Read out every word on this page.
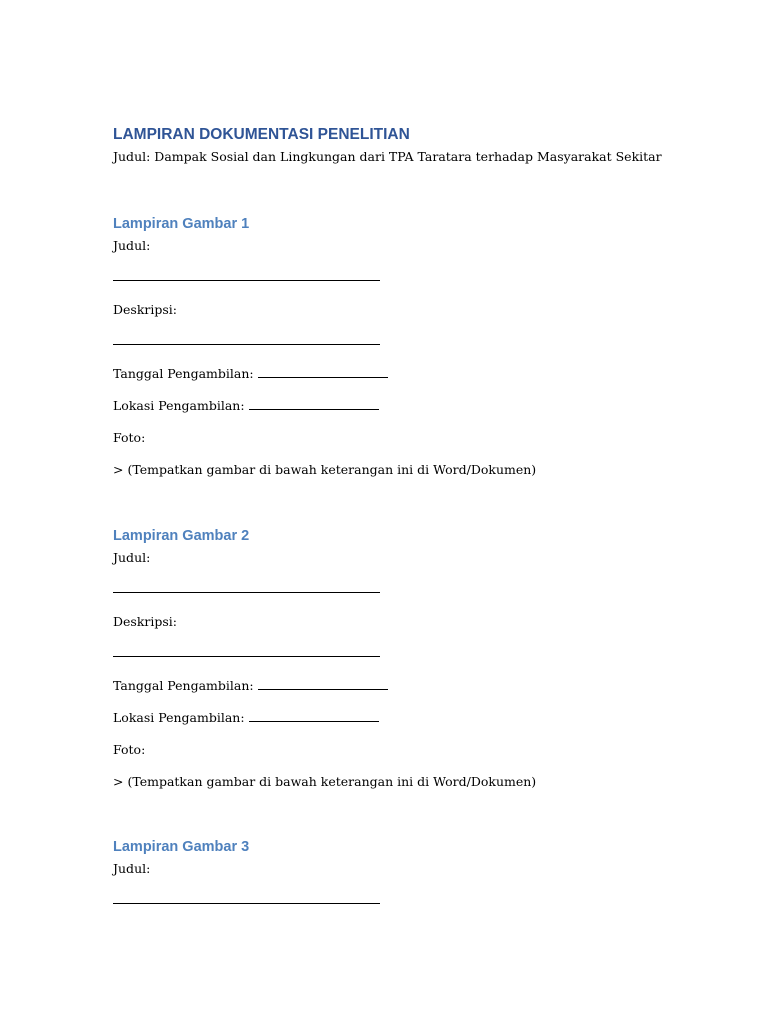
LAMPIRAN DOKUMENTASI PENELITIAN

Judul: Dampak Sosial dan Lingkungan dari TPA Taratara terhadap Masyarakat Sekitar

Lampiran Gambar 1

Judul:

Deskripsi:

Tanggal Pengambilan:
Lokasi Pengambilan:

Foto:

> (Tempatkan gambar di bawah keterangan ini di Word/Dokumen)

Lampiran Gambar 2

Judul:

Deskripsi:

Tanggal Pengambilan:
Lokasi Pengambilan:

Foto:

> (Tempatkan gambar di bawah keterangan ini di Word/Dokumen)

Lampiran Gambar 3

Judul:
